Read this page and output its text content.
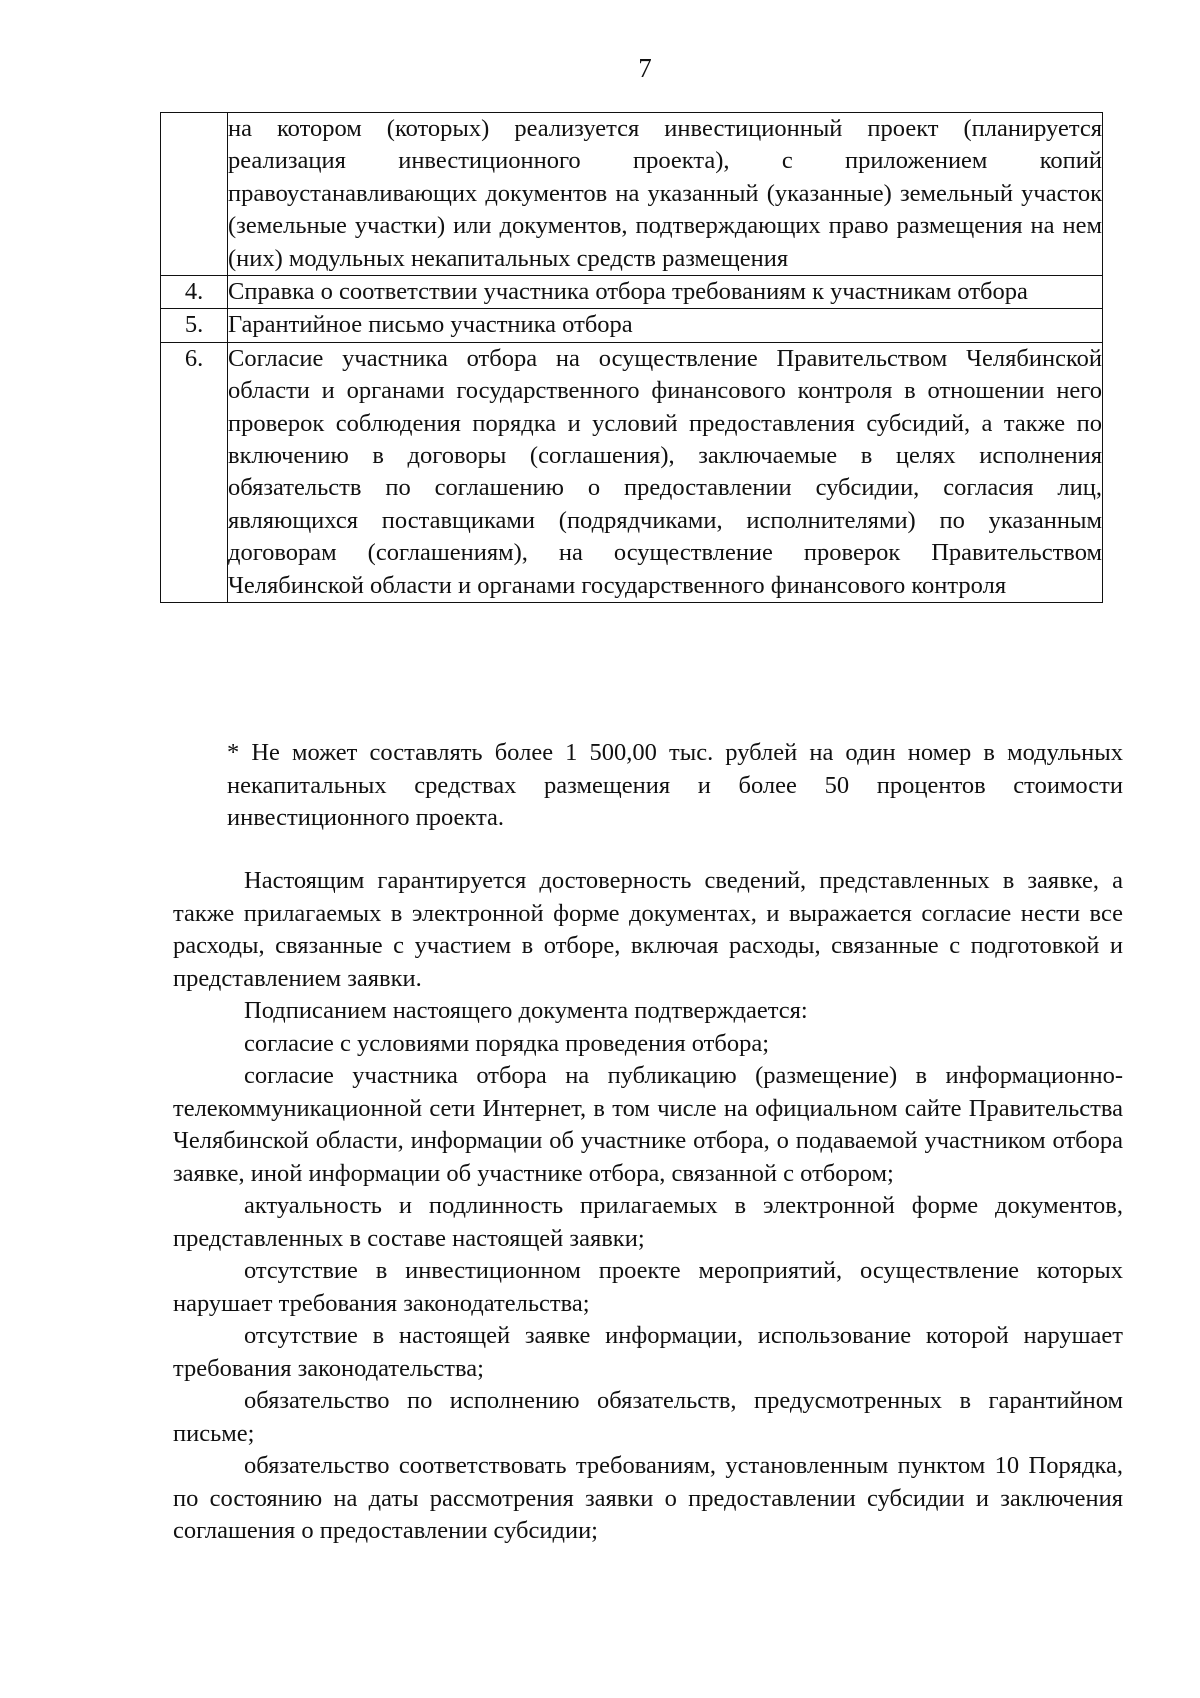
7
	на котором (которых) реализуется инвестиционный проект (планируется реализация инвестиционного проекта), с приложением копий правоустанавливающих документов на указанный (указанные) земельный участок (земельные участки) или документов, подтверждающих право размещения на нем (них) модульных некапитальных средств размещения
4.	Справка о соответствии участника отбора требованиям к участникам отбора
5.	Гарантийное письмо участника отбора
6.	Согласие участника отбора на осуществление Правительством Челябинской области и органами государственного финансового контроля в отношении него проверок соблюдения порядка и условий предоставления субсидий, а также по включению в договоры (соглашения), заключаемые в целях исполнения обязательств по соглашению о предоставлении субсидии, согласия лиц, являющихся поставщиками (подрядчиками, исполнителями) по указанным договорам (соглашениям), на осуществление проверок Правительством Челябинской области и органами государственного финансового контроля
* Не может составлять более 1 500,00 тыс. рублей на один номер в модульных некапитальных средствах размещения и более 50 процентов стоимости инвестиционного проекта.

Настоящим гарантируется достоверность сведений, представленных в заявке, а также прилагаемых в электронной форме документах, и выражается согласие нести все расходы, связанные с участием в отборе, включая расходы, связанные с подготовкой и представлением заявки.

Подписанием настоящего документа подтверждается:

согласие с условиями порядка проведения отбора;

согласие участника отбора на публикацию (размещение) в информационно-телекоммуникационной сети Интернет, в том числе на официальном сайте Правительства Челябинской области, информации об участнике отбора, о подаваемой участником отбора заявке, иной информации об участнике отбора, связанной с отбором;

актуальность и подлинность прилагаемых в электронной форме документов, представленных в составе настоящей заявки;

отсутствие в инвестиционном проекте мероприятий, осуществление которых нарушает требования законодательства;

отсутствие в настоящей заявке информации, использование которой нарушает требования законодательства;

обязательство по исполнению обязательств, предусмотренных в гарантийном письме;

обязательство соответствовать требованиям, установленным пунктом 10 Порядка, по состоянию на даты рассмотрения заявки о предоставлении субсидии и заключения соглашения о предоставлении субсидии;
